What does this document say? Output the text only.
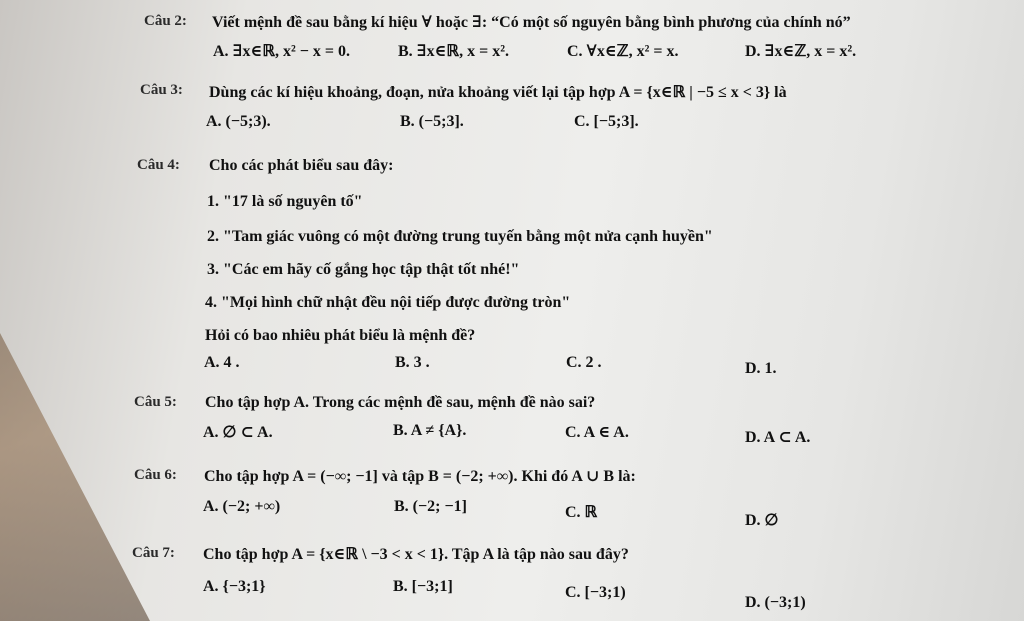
Câu 2: Viết mệnh đề sau bằng kí hiệu ∀ hoặc ∃: “Có một số nguyên bằng bình phương của chính nó”
A. ∃x∈ℝ, x² − x = 0.	B. ∃x∈ℝ, x = x².	C. ∀x∈ℤ, x² = x.	D. ∃x∈ℤ, x = x².
Câu 3: Dùng các kí hiệu khoảng, đoạn, nửa khoảng viết lại tập hợp A = {x∈ℝ | −5 ≤ x < 3} là
A. (−5;3).	B. (−5;3].	C. [−5;3].
Câu 4: Cho các phát biểu sau đây:
1. "17 là số nguyên tố"
2. "Tam giác vuông có một đường trung tuyến bằng một nửa cạnh huyền"
3. "Các em hãy cố gắng học tập thật tốt nhé!"
4. "Mọi hình chữ nhật đều nội tiếp được đường tròn"
Hỏi có bao nhiêu phát biểu là mệnh đề?
A. 4 .	B. 3 .	C. 2 .	D. 1.
Câu 5: Cho tập hợp A. Trong các mệnh đề sau, mệnh đề nào sai?
A. ∅ ⊂ A.	B. A ≠ {A}.	C. A ∈ A.	D. A ⊂ A.
Câu 6: Cho tập hợp A = (−∞; −1] và tập B = (−2; +∞). Khi đó A ∪ B là:
A. (−2; +∞)	B. (−2; −1]	C. ℝ	D. ∅
Câu 7: Cho tập hợp A = {x∈ℝ \ −3 < x < 1}. Tập A là tập nào sau đây?
A. {−3;1}	B. [−3;1]	C. [−3;1)
D. (−3;1)
